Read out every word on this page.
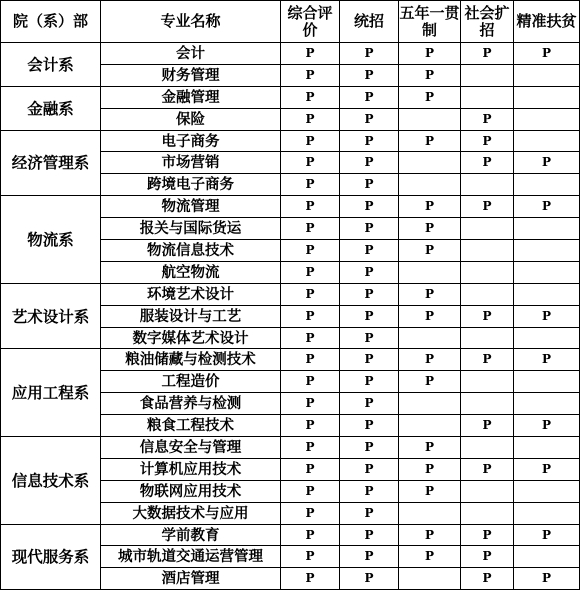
院（系）部	专业名称	综合评价	统招	五年一贯制	社会扩招	精准扶贫
会计系	会计	P	P	P	P	P
	财务管理	P	P	P		
金融系	金融管理	P	P	P		
	保险	P	P		P	
经济管理系	电子商务	P	P	P	P	
	市场营销	P	P		P	P
	跨境电子商务	P	P			
物流系	物流管理	P	P	P	P	P
	报关与国际货运	P	P	P		
	物流信息技术	P	P	P		
	航空物流	P	P			
艺术设计系	环境艺术设计	P	P	P		
	服装设计与工艺	P	P	P	P	P
	数字媒体艺术设计	P	P			
应用工程系	粮油储藏与检测技术	P	P	P	P	P
	工程造价	P	P	P		
	食品营养与检测	P	P			
	粮食工程技术	P	P		P	P
信息技术系	信息安全与管理	P	P	P		
	计算机应用技术	P	P	P	P	P
	物联网应用技术	P	P	P		
	大数据技术与应用	P	P			
现代服务系	学前教育	P	P	P	P	P
	城市轨道交通运营管理	P	P	P	P	
	酒店管理	P	P		P	P
